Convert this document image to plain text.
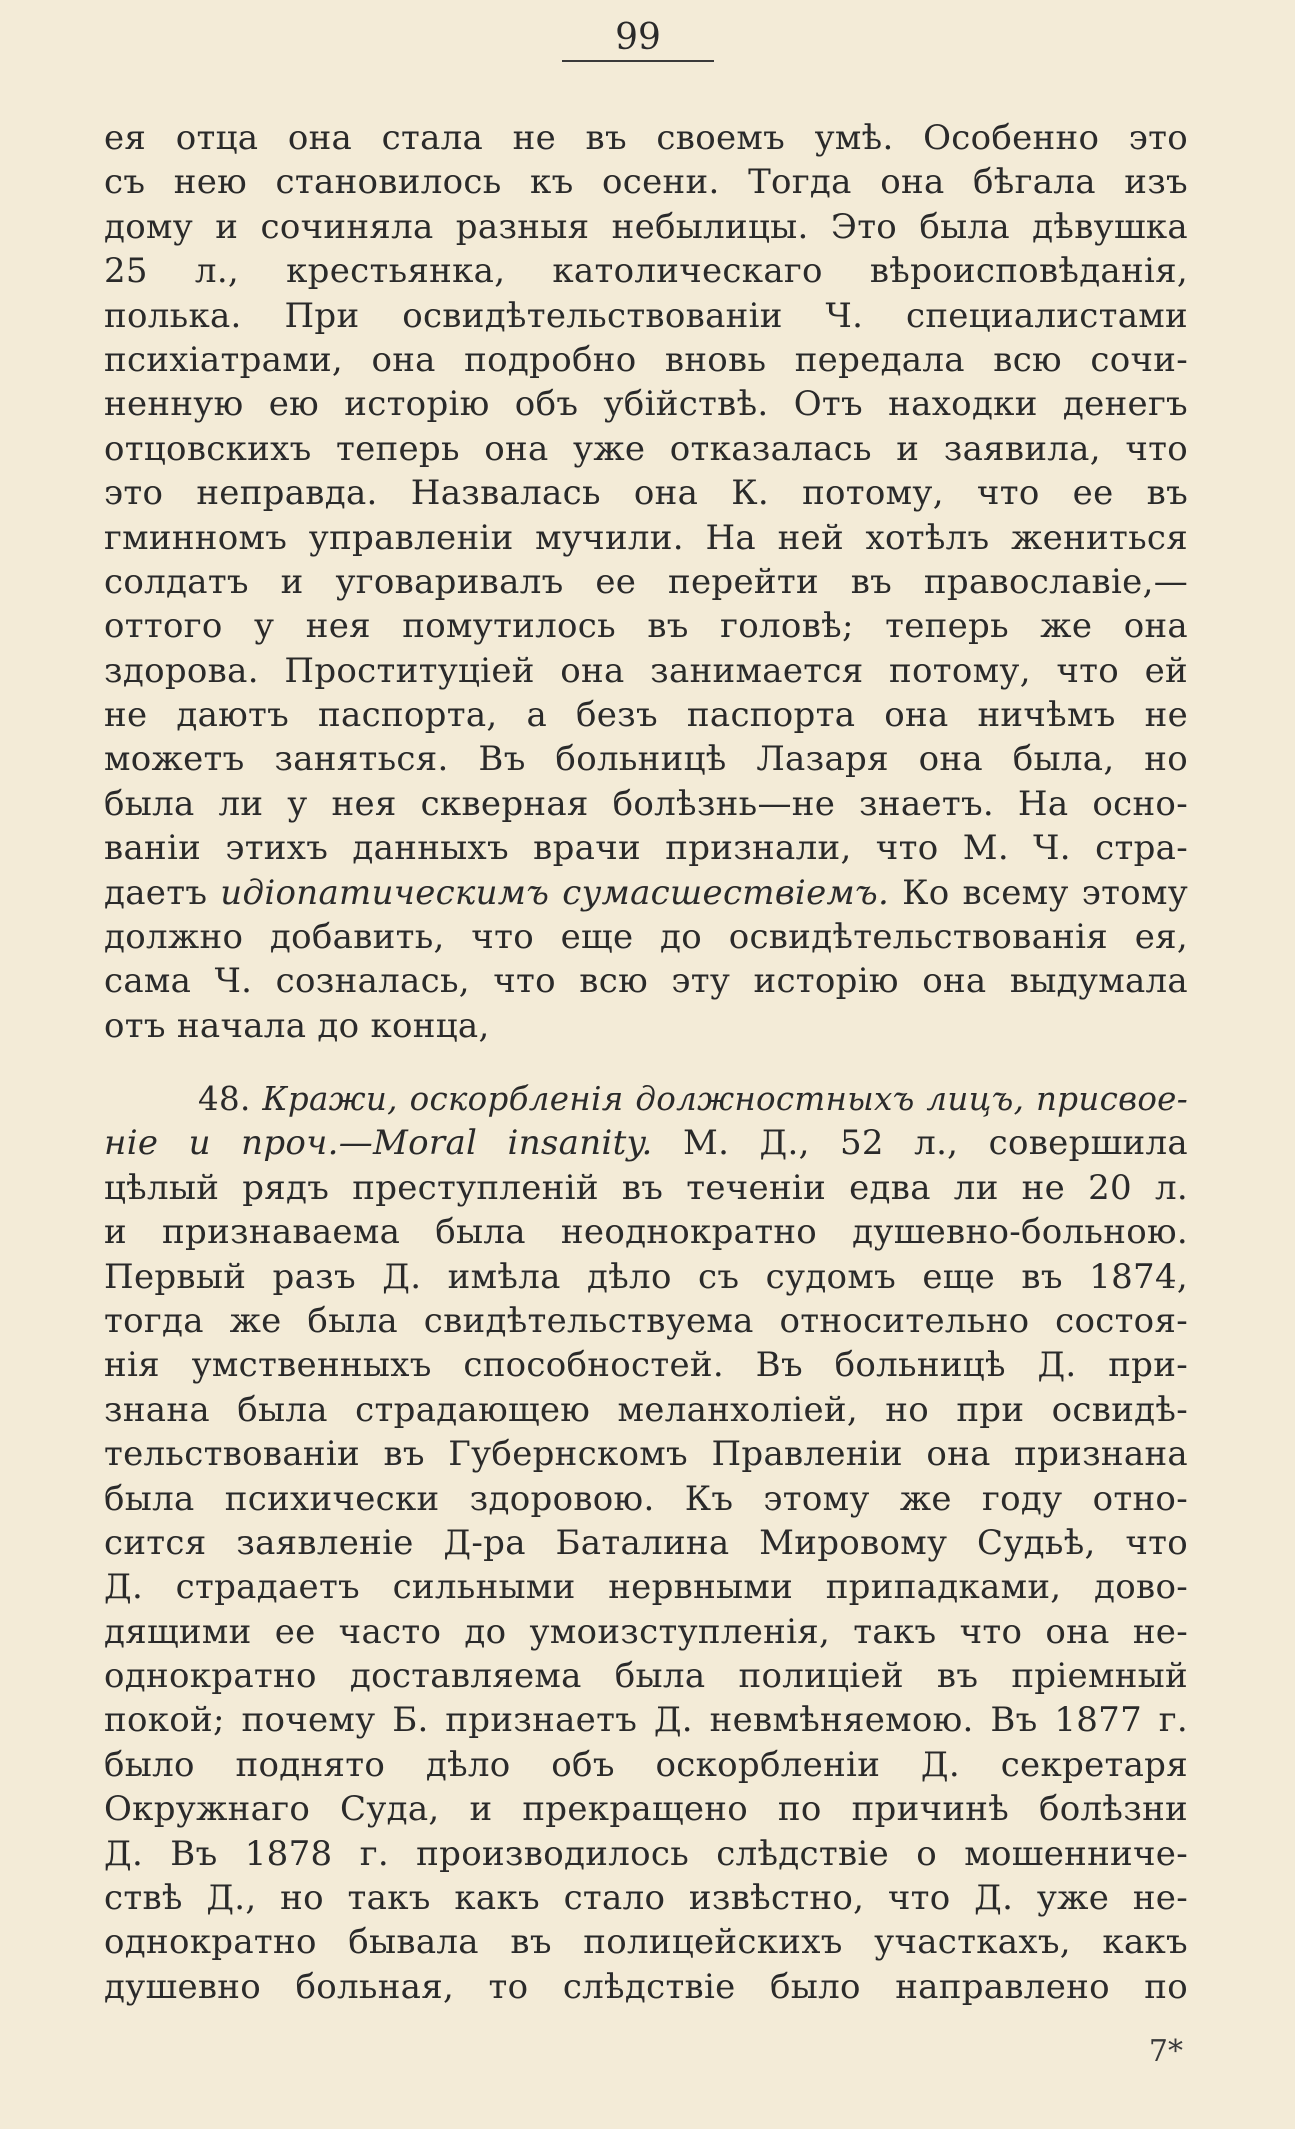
99
ея отца она стала не въ своемъ умѣ. Особенно это
съ нею становилось къ осени. Тогда она бѣгала изъ
дому и сочиняла разныя небылицы. Это была дѣвушка
25 л., крестьянка, католическаго вѣроисповѣданія,
полька. При освидѣтельствованіи Ч. специалистами
психіатрами, она подробно вновь передала всю сочи-
ненную ею исторію объ убійствѣ. Отъ находки денегъ
отцовскихъ теперь она уже отказалась и заявила, что
это неправда. Назвалась она К. потому, что ее въ
гминномъ управленіи мучили. На ней хотѣлъ жениться
солдатъ и уговаривалъ ее перейти въ православіе,—
оттого у нея помутилось въ головѣ; теперь же она
здорова. Проституціей она занимается потому, что ей
не даютъ паспорта, а безъ паспорта она ничѣмъ не
можетъ заняться. Въ больницѣ Лазаря она была, но
была ли у нея скверная болѣзнь—не знаетъ. На осно-
ваніи этихъ данныхъ врачи признали, что М. Ч. стра-
даетъ идіопатическимъ сумасшествіемъ. Ко всему этому
должно добавить, что еще до освидѣтельствованія ея,
сама Ч. созналась, что всю эту исторію она выдумала
отъ начала до конца,
48. Кражи, оскорбленія должностныхъ лицъ, присвое-
ніе и проч.—Moral insanity. М. Д., 52 л., совершила
цѣлый рядъ преступленій въ теченіи едва ли не 20 л.
и признаваема была неоднократно душевно-больною.
Первый разъ Д. имѣла дѣло съ судомъ еще въ 1874,
тогда же была свидѣтельствуема относительно состоя-
нія умственныхъ способностей. Въ больницѣ Д. при-
знана была страдающею меланхоліей, но при освидѣ-
тельствованіи въ Губернскомъ Правленіи она признана
была психически здоровою. Къ этому же году отно-
сится заявленіе Д-ра Баталина Мировому Судьѣ, что
Д. страдаетъ сильными нервными припадками, дово-
дящими ее часто до умоизступленія, такъ что она не-
однократно доставляема была полиціей въ пріемный
покой; почему Б. признаетъ Д. невмѣняемою. Въ 1877 г.
было поднято дѣло объ оскорбленіи Д. секретаря
Окружнаго Суда, и прекращено по причинѣ болѣзни
Д. Въ 1878 г. производилось слѣдствіе о мошенниче-
ствѣ Д., но такъ какъ стало извѣстно, что Д. уже не-
однократно бывала въ полицейскихъ участкахъ, какъ
душевно больная, то слѣдствіе было направлено по
7*
